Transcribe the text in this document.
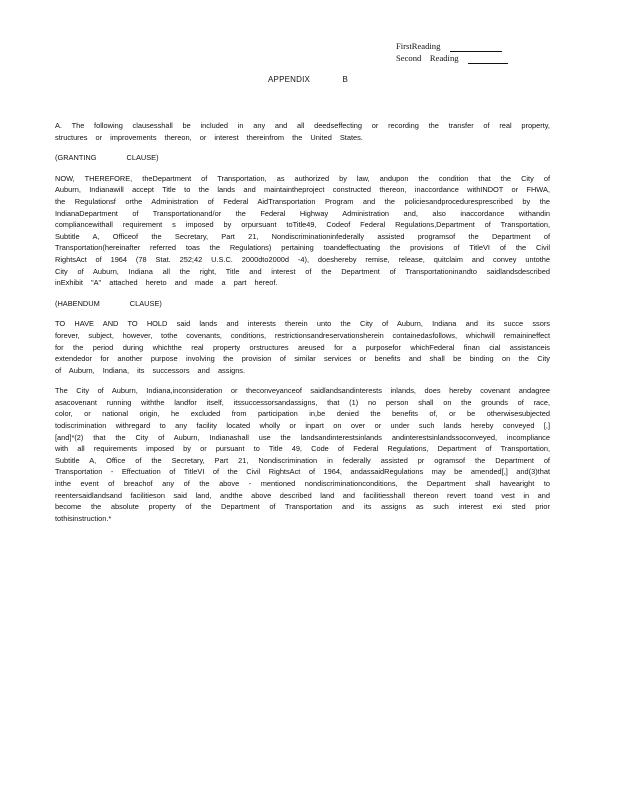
FirstReading
Second    Reading
APPENDIX B

A. The following clausesshall be included in any and all deedseffecting or recording the transfer of real property, structures or improvements thereon, or interest thereinfrom the United States.

(GRANTING CLAUSE)

NOW, THEREFORE, theDepartment of Transportation, as authorized by law, andupon the condition that the City of Auburn, Indianawill accept Title to the lands and maintaintheproject constructed thereon, inaccordance withINDOT or FHWA, the Regulationsf orthe Administration of Federal AidTransportation Program and the policiesandproceduresprescribed by the IndianaDepartment of Transportationand/or the Federal Highway Administration and, also inaccordance withandin compliancewithall requirement s imposed by orpursuant toTitle49, Codeof Federal Regulations,Department of Transportation, Subtitle A, Officeof the Secretary, Part 21, Nondiscriminationinfederally assisted programsof the Department of Transportation(hereinafter referred toas the Regulations) pertaining toandeffectuating the provisions of TitleVI of the Civil RightsAct of 1964 (78 Stat. 252;42 U.S.C. 2000dto2000d -4), doeshereby remise, release, quitclaim and convey untothe City of Auburn, Indiana all the right, Title and interest of the Department of Transportationinandto saidlandsdescribed inExhibit "A" attached hereto and made a part hereof.

(HABENDUM CLAUSE)

TO HAVE AND TO HOLD said lands and interests therein unto the City of Auburn, Indiana and its succe ssors forever, subject, however, tothe covenants, conditions, restrictionsandreservationsherein containedasfollows, whichwill remainineffect for the period during whichthe real property orstructures areused for a purposefor whichFederal finan cial assistanceis extendedor for another purpose involving the provision of similar services or benefits and shall be binding on the City of Auburn, Indiana, its successors and assigns.

The City of Auburn, Indiana,inconsideration or theconveyanceof saidlandsandinterests inlands, does hereby covenant andagree asacovenant running withthe landfor itself, itssuccessorsandassigns, that (1) no person shall on the grounds of race, color, or national origin, he excluded from participation in,be denied the benefits of, or be otherwisesubjected todiscrimination withregard to any facility located wholly or inpart on over or under such lands hereby conveyed [,] [and]*(2) that the City of Auburn, Indianashall use the landsandinterestsinlands andinterestsinlandssoconveyed, incompliance with all requirements imposed by or pursuant to Title 49, Code of Federal Regulations, Department of Transportation, Subtitle A, Office of the Secretary, Part 21, Nondiscrimination in federally assisted pr ogramsof the Department of Transportation - Effectuation of TitleVI of the Civil RightsAct of 1964, andassaidRegulations may be amended[,] and(3)that inthe event of breachof any of the above - mentioned nondiscriminationconditions, the Department shall havearight to reentersaidlandsand facilitieson said land, andthe above described land and facilitiesshall thereon revert toand vest in and become the absolute property of the Department of Transportation and its assigns as such interest exi sted prior tothisinstruction.*
